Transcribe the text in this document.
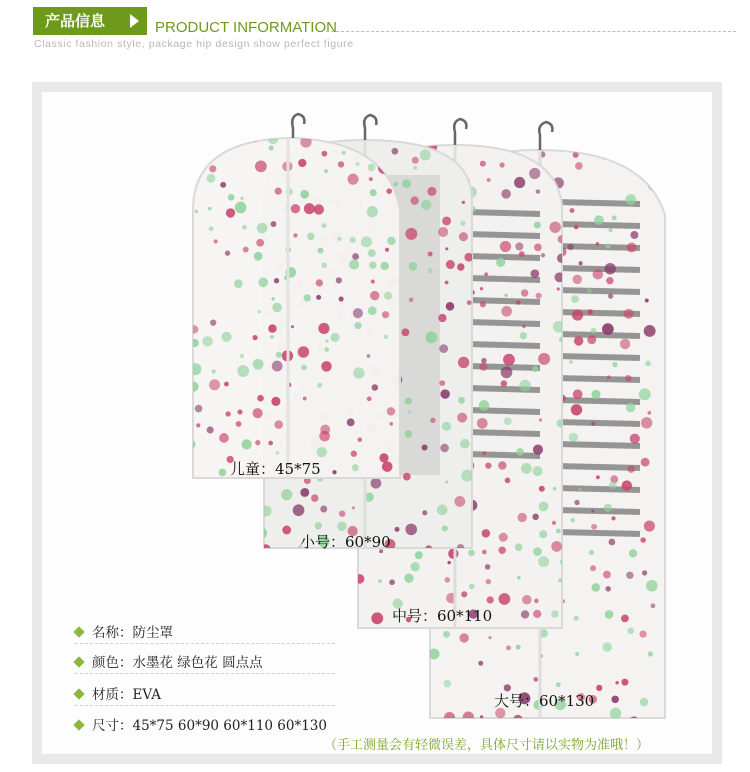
产品信息	PRODUCT INFORMATION
Classic fashion style, package hip design show perfect figure
儿童：45*75
小号：60*90
中号：60*110
大号：60*130
名称：防尘罩
颜色：水墨花 绿色花 圆点点
材质：EVA
尺寸：45*75 60*90 60*110 60*130
（手工测量会有轻微误差，具体尺寸请以实物为准哦！）
